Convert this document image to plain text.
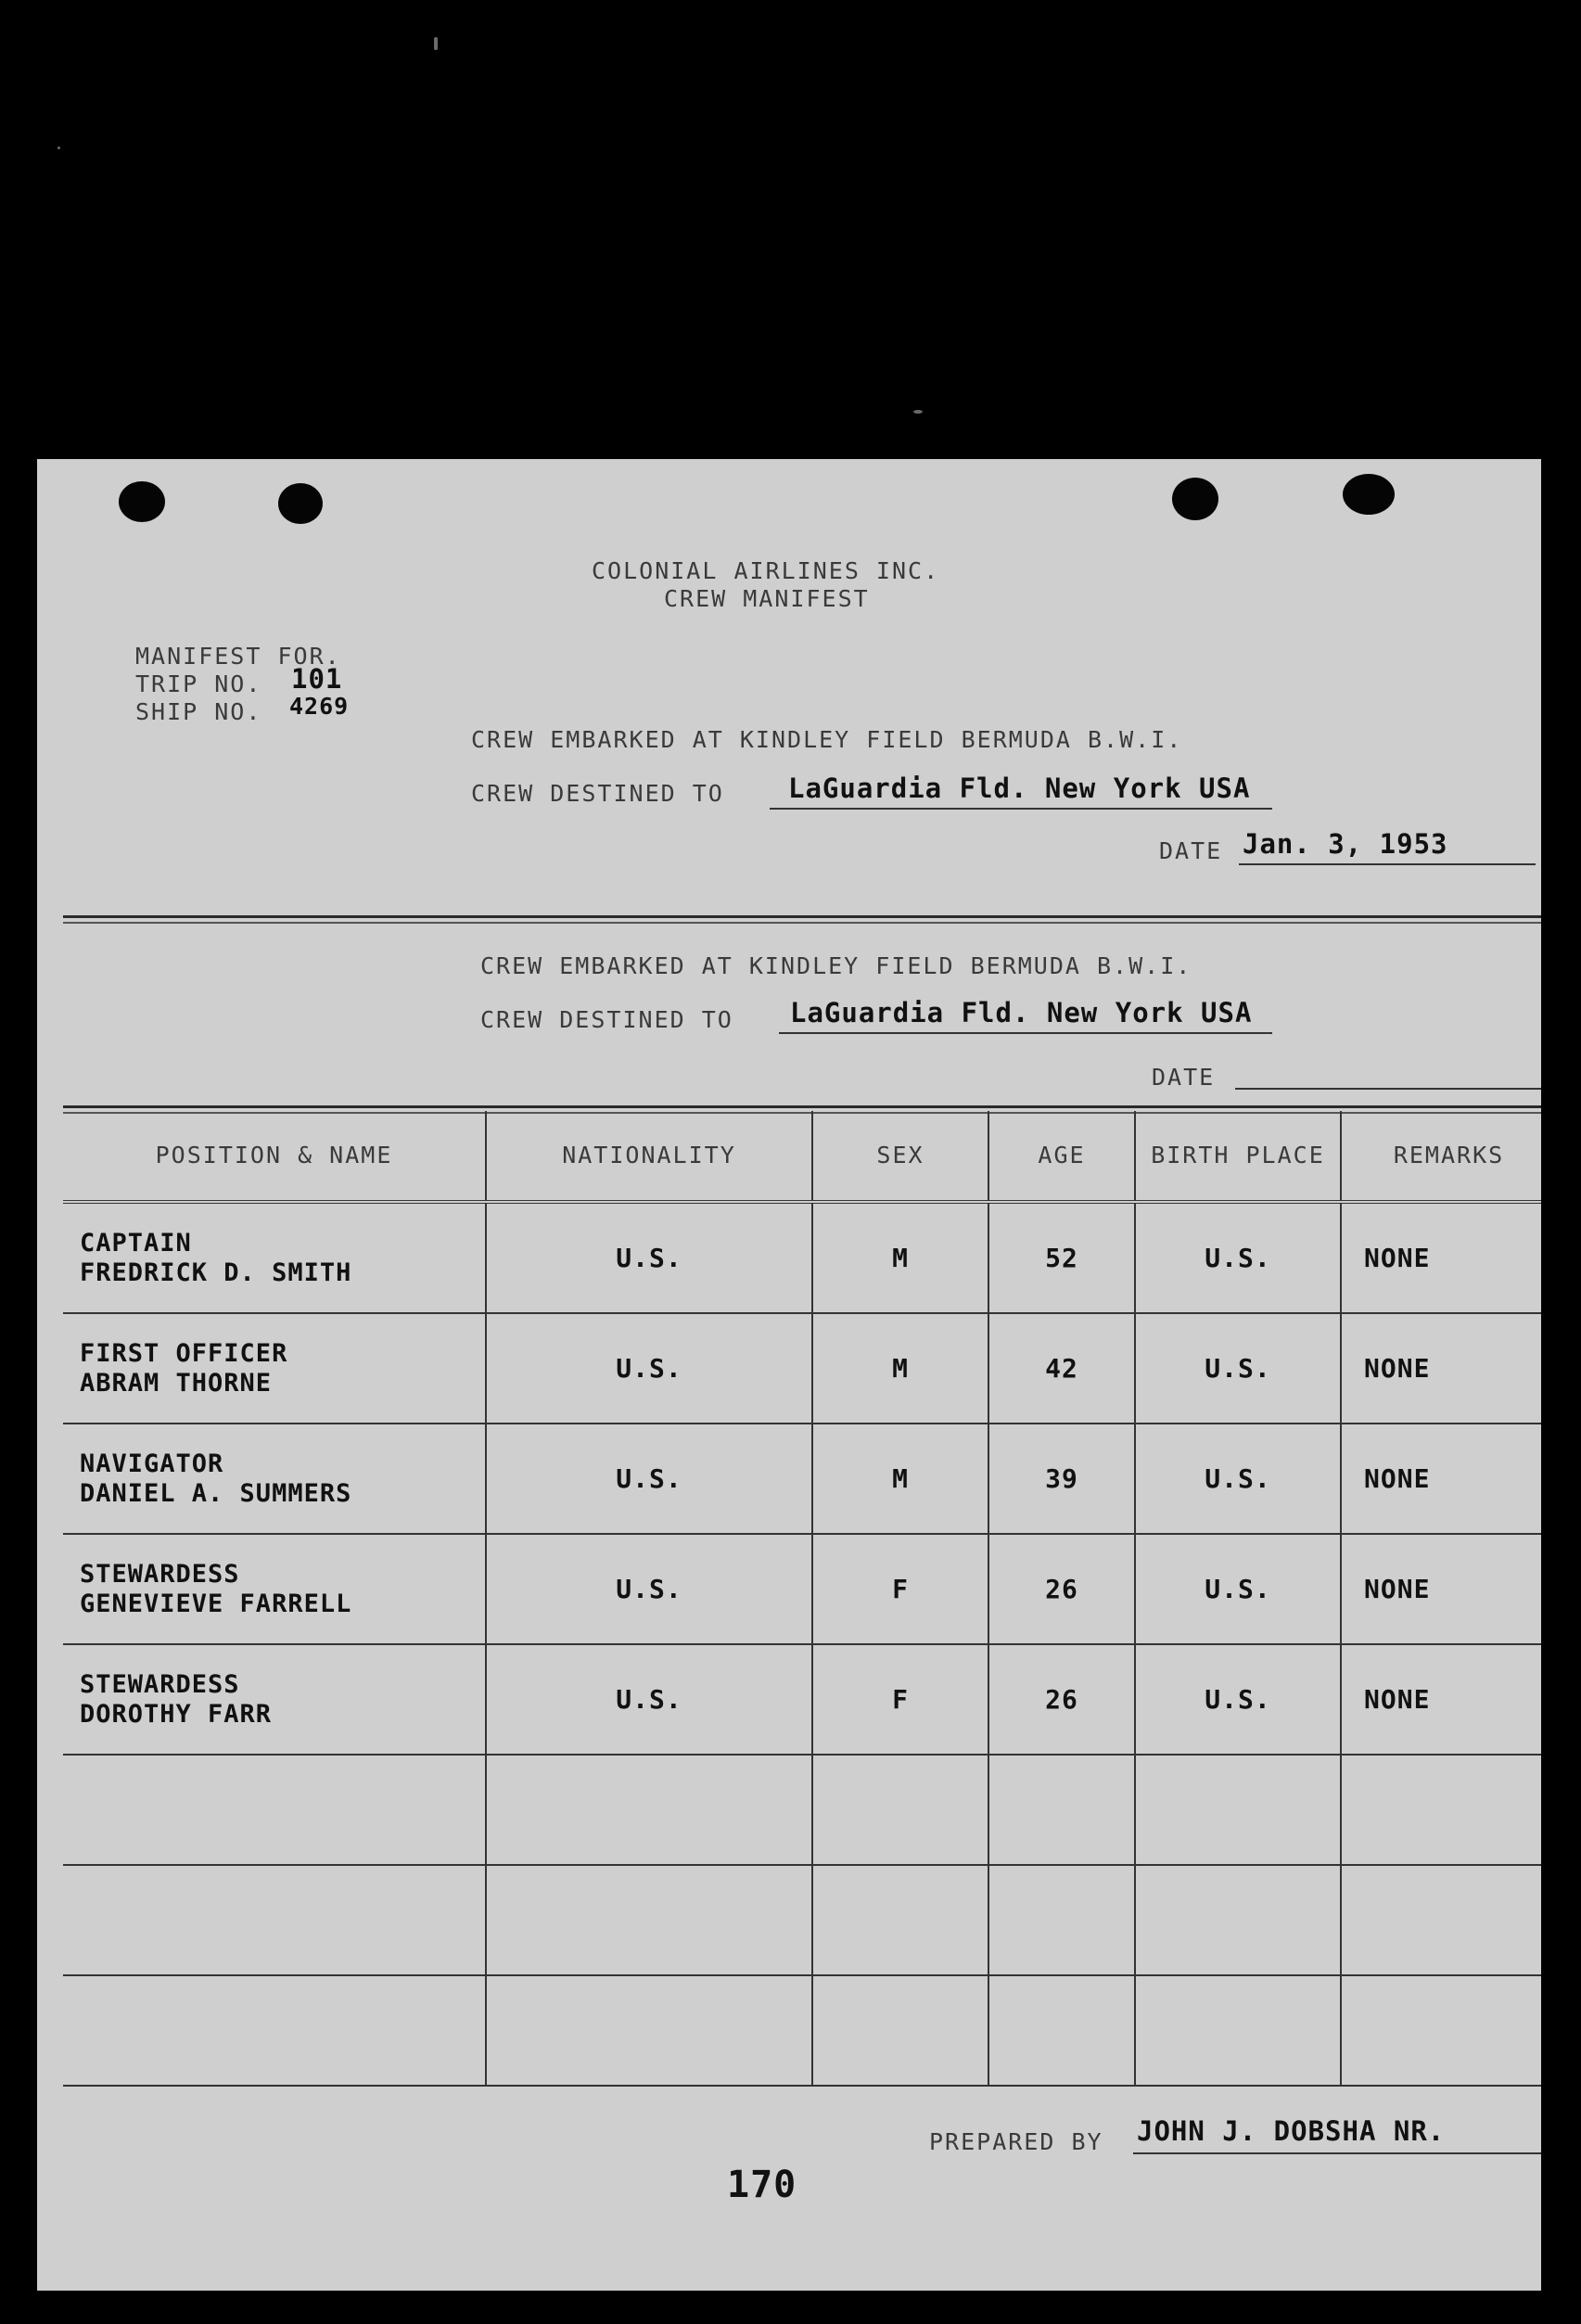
COLONIAL AIRLINES INC.
CREW MANIFEST
MANIFEST FOR.
TRIP NO. 101
SHIP NO. 4269
CREW EMBARKED AT KINDLEY FIELD BERMUDA B.W.I.
CREW DESTINED TO LaGuardia Fld. New York USA
DATE Jan. 3, 1953
CREW EMBARKED AT KINDLEY FIELD BERMUDA B.W.I.
CREW DESTINED TO LaGuardia Fld. New York USA
DATE
POSITION & NAME	NATIONALITY	SEX	AGE	BIRTH PLACE	REMARKS

CAPTAIN
FREDRICK D. SMITH	U.S.	M	52	U.S.	NONE

FIRST OFFICER
ABRAM THORNE	U.S.	M	42	U.S.	NONE

NAVIGATOR
DANIEL A. SUMMERS	U.S.	M	39	U.S.	NONE

STEWARDESS
GENEVIEVE FARRELL	U.S.	F	26	U.S.	NONE

STEWARDESS
DOROTHY FARR	U.S.	F	26	U.S.	NONE

PREPARED BY JOHN J. DOBSHA NR.
170
